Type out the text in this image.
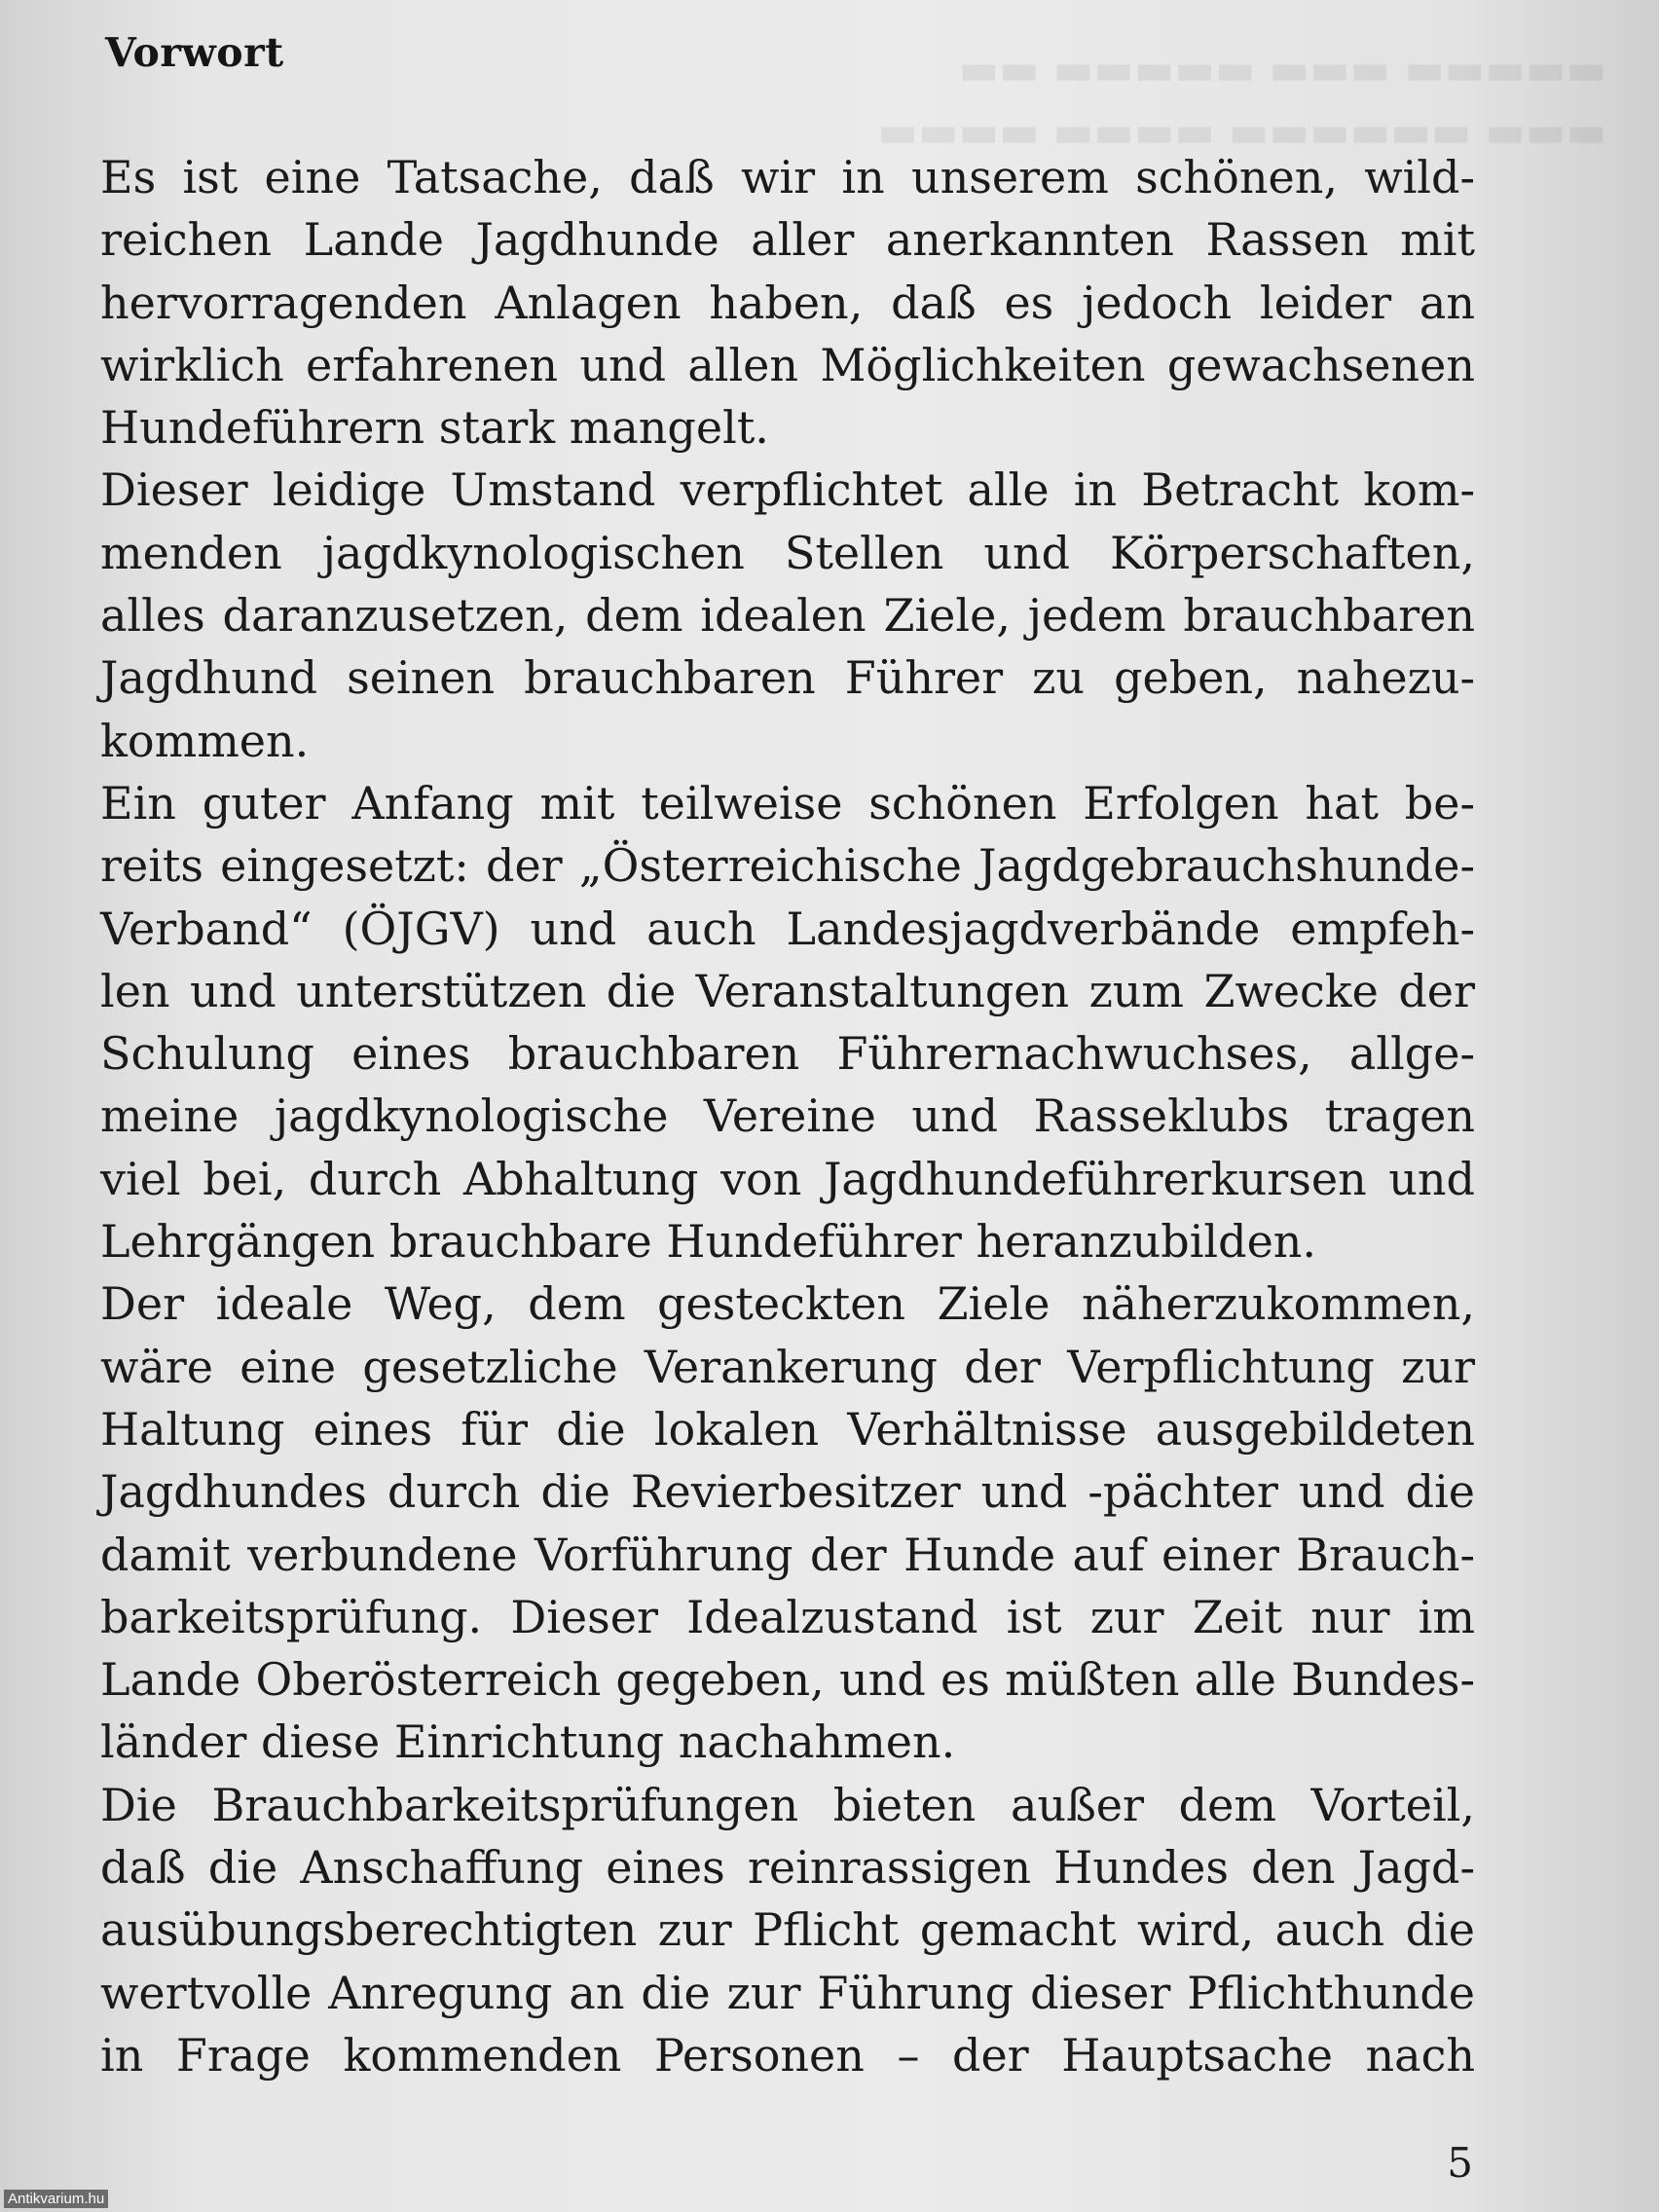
▬▬▬▬▬ ▬▬▬ ▬▬▬▬▬ ▬▬
▬▬▬ ▬▬▬▬▬▬ ▬▬▬▬ ▬▬▬▬
Vorwort
Es ist eine Tatsache, daß wir in unserem schönen, wild-
reichen Lande Jagdhunde aller anerkannten Rassen mit
hervorragenden Anlagen haben, daß es jedoch leider an
wirklich erfahrenen und allen Möglichkeiten gewachsenen
Hundeführern stark mangelt.
Dieser leidige Umstand verpflichtet alle in Betracht kom-
menden jagdkynologischen Stellen und Körperschaften,
alles daranzusetzen, dem idealen Ziele, jedem brauchbaren
Jagdhund seinen brauchbaren Führer zu geben, nahezu-
kommen.
Ein guter Anfang mit teilweise schönen Erfolgen hat be-
reits eingesetzt: der „Österreichische Jagdgebrauchshunde-
Verband“ (ÖJGV) und auch Landesjagdverbände empfeh-
len und unterstützen die Veranstaltungen zum Zwecke der
Schulung eines brauchbaren Führernachwuchses, allge-
meine jagdkynologische Vereine und Rasseklubs tragen
viel bei, durch Abhaltung von Jagdhundeführerkursen und
Lehrgängen brauchbare Hundeführer heranzubilden.
Der ideale Weg, dem gesteckten Ziele näherzukommen,
wäre eine gesetzliche Verankerung der Verpflichtung zur
Haltung eines für die lokalen Verhältnisse ausgebildeten
Jagdhundes durch die Revierbesitzer und -pächter und die
damit verbundene Vorführung der Hunde auf einer Brauch-
barkeitsprüfung. Dieser Idealzustand ist zur Zeit nur im
Lande Oberösterreich gegeben, und es müßten alle Bundes-
länder diese Einrichtung nachahmen.
Die Brauchbarkeitsprüfungen bieten außer dem Vorteil,
daß die Anschaffung eines reinrassigen Hundes den Jagd-
ausübungsberechtigten zur Pflicht gemacht wird, auch die
wertvolle Anregung an die zur Führung dieser Pflichthunde
in Frage kommenden Personen – der Hauptsache nach
5
Antikvarium.hu
